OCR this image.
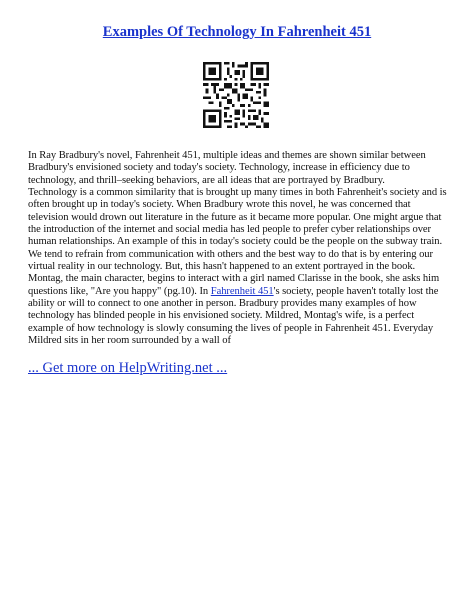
Examples Of Technology In Fahrenheit 451
In Ray Bradbury's novel, Fahrenheit 451, multiple ideas and themes are shown similar between
Bradbury's envisioned society and today's society. Technology, increase in efficiency due to
technology, and thrill–seeking behaviors, are all ideas that are portrayed by Bradbury.
Technology is a common similarity that is brought up many times in both Fahrenheit's society and is
often brought up in today's society. When Bradbury wrote this novel, he was concerned that
television would drown out literature in the future as it became more popular. One might argue that
the introduction of the internet and social media has led people to prefer cyber relationships over
human relationships. An example of this in today's society could be the people on the subway train.
We tend to refrain from communication with others and the best way to do that is by entering our
virtual reality in our technology. But, this hasn't happened to an extent portrayed in the book.
Montag, the main character, begins to interact with a girl named Clarisse in the book, she asks him
questions like, "Are you happy" (pg.10). In Fahrenheit 451's society, people haven't totally lost the
ability or will to connect to one another in person. Bradbury provides many examples of how
technology has blinded people in his envisioned society. Mildred, Montag's wife, is a perfect
example of how technology is slowly consuming the lives of people in Fahrenheit 451. Everyday
Mildred sits in her room surrounded by a wall of
... Get more on HelpWriting.net ...
